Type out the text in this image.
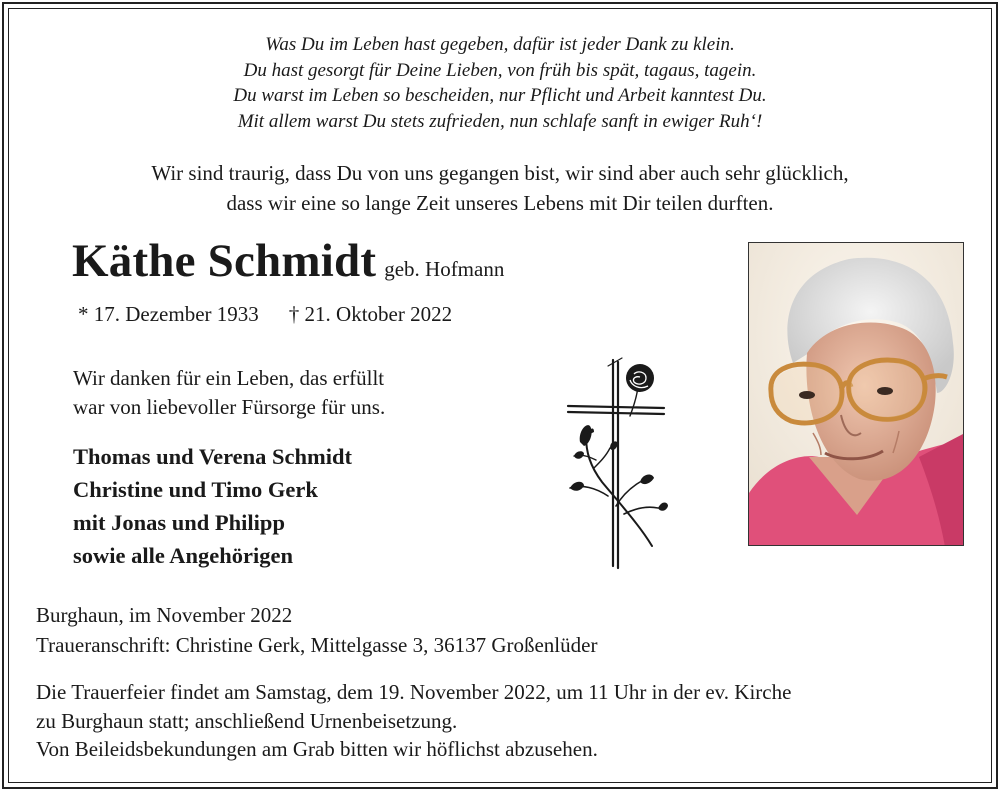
Was Du im Leben hast gegeben, dafür ist jeder Dank zu klein.
Du hast gesorgt für Deine Lieben, von früh bis spät, tagaus, tagein.
Du warst im Leben so bescheiden, nur Pflicht und Arbeit kanntest Du.
Mit allem warst Du stets zufrieden, nun schlafe sanft in ewiger Ruh‘!
Wir sind traurig, dass Du von uns gegangen bist, wir sind aber auch sehr glücklich,
dass wir eine so lange Zeit unseres Lebens mit Dir teilen durften.
Käthe Schmidt geb. Hofmann
* 17. Dezember 1933 † 21. Oktober 2022
Wir danken für ein Leben, das erfüllt
war von liebevoller Fürsorge für uns.
Thomas und Verena Schmidt
Christine und Timo Gerk
mit Jonas und Philipp
sowie alle Angehörigen
Burghaun, im November 2022
Traueranschrift: Christine Gerk, Mittelgasse 3, 36137 Großenlüder
Die Trauerfeier findet am Samstag, dem 19. November 2022, um 11 Uhr in der ev. Kirche
zu Burghaun statt; anschließend Urnenbeisetzung.
Von Beileidsbekundungen am Grab bitten wir höflichst abzusehen.
